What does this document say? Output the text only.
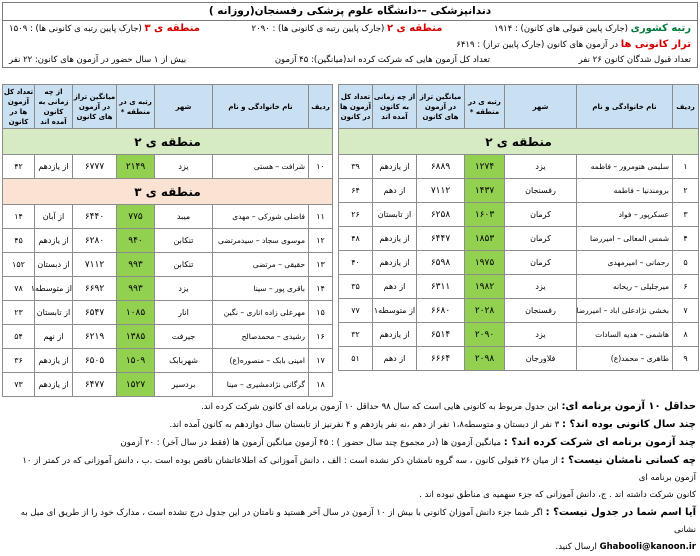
دندانپزشکی –-دانشگاه علوم پزشکی رفسنجان(روزانه )
رتبه کشوری (جارک پایین قبولی های کانون) : ۱۹۱۴
منطقه ی ۲ (جارک پایین رتبه ی کانونی ها) : ۲۰۹۰
منطقه ی ۳ (جارک پایین رتبه ی کانونی ها) : ۱۵۰۹
تراز کانونی ها در آزمون های کانون (جارک پایین تراز) : ۶۴۱۹
تعداد قبول شدگان کانون ۲۶ نفر
تعداد کل آزمون هایی که شرکت کرده اند(میانگین): ۴۵ آزمون
بیش از ۱ سال حضور در آزمون های کانون: ۲۲ نفر
ردیف	نام خانوادگی و نام	شهر	رتبه ی در منطقه *	میانگین تراز در آزمون های کانون	از چه زمانی به کانون آمده اند	تعداد کل آزمون ها در کانون
منطقه ی ۲						
۱	سلیمی هنومرور – فاطمه	یزد	۱۲۷۴	۶۸۸۹	از یازدهم	۳۹
۲	برومندنیا – فاطمه	رفسنجان	۱۴۳۷	۷۱۱۲	از دهم	۶۴
۳	عسکرپور – فواد	کرمان	۱۶۰۳	۶۲۵۸	از تابستان	۲۶
۴	شمس المعالی – امیررضا	کرمان	۱۸۵۳	۶۴۴۷	از یازدهم	۴۸
۵	رحمانی – امیرمهدی	کرمان	۱۹۷۵	۶۵۹۸	از یازدهم	۴۰
۶	میرجلیلی – ریحانه	یزد	۱۹۸۲	۶۳۱۱	از دهم	۳۵
۷	بخشی نژادعلی اباد – امیررضا	رفسنجان	۲۰۲۸	۶۶۸۰	از متوسطه۱	۷۷
۸	هاشمی – هدیه السادات	یزد	۲۰۹۰	۶۵۱۴	از یازدهم	۳۲
۹	طاهری – محمد(ع)	فلاورجان	۲۰۹۸	۶۶۶۴	از دهم	۵۱
ردیف	نام خانوادگی و نام	شهر	رتبه ی در منطقه *	میانگین تراز در آزمون های کانون	از چه زمانی به کانون آمده اند	تعداد کل آزمون ها در کانون
منطقه ی ۲						
۱۰	شرافت – هستی	یزد	۲۱۴۹	۶۷۷۷	از یازدهم	۴۲
منطقه ی ۳						
۱۱	فاضلی شورکی – مهدی	میبد	۷۷۵	۶۴۴۰	از آبان	۱۴
۱۲	موسوی سجاد – سیدمرتضی	تنکابن	۹۴۰	۶۲۸۰	از یازدهم	۴۵
۱۳	حقیقی – مرتضی	تنکابن	۹۹۳	۷۱۱۲	از دبستان	۱۵۲
۱۴	باقری پور – سینا	یزد	۹۹۳	۶۶۹۲	از متوسطه۱	۷۸
۱۵	مهرعلی زاده اناری – نگین	انار	۱۰۸۵	۶۵۴۷	از تابستان	۲۳
۱۶	رشیدی – محمدصالح	جیرفت	۱۳۸۵	۶۲۱۹	از نهم	۵۴
۱۷	امینی بابک – منصوره(ع)	شهربابک	۱۵۰۹	۶۵۰۵	از یازدهم	۳۶
۱۸	گرگانی نژادمشیری – مینا	بردسیر	۱۵۲۷	۶۴۷۷	از یازدهم	۷۳
حداقل ۱۰ آزمون برنامه ای: این جدول مربوط به کانونی هایی است که سال ۹۸ حداقل ۱۰ آزمون برنامه ای کانون شرکت کرده اند.
چند سال کانونی بوده اند؟ : ۳ نفر از دبستان و متوسطه۱،۸ نفر از دهم ،نه نفر یازدهم و ۴ نفرنیز از تابستان سال دوازدهم به کانون آمده اند.
چند آزمون برنامه ای شرکت کرده اند؟ : میانگین آزمون ها (در مجموع چند سال حضور ) : ۴۵ آزمون میانگین آزمون ها (فقط در سال آخر) : ۲۰ آزمون
چه کسانی نامشان نیست؟ : از میان ۲۶ قبولی کانون ، سه گروه نامشان ذکر نشده است : الف ، دانش آموزانی که اطلاعاتشان ناقص بوده است .ب ، دانش آموزانی که در کمتر از ۱۰ آزمون برنامه ای
کانون شرکت داشته اند . ج، دانش آموزانی که جزء سهمیه ی مناطق نبوده اند .
آیا اسم شما در جدول نیست؟ : اگر شما جزء دانش آموزان کانونی با بیش از ۱۰ آزمون در سال آخر هستید و نامتان در این جدول درج نشده است ، مدارک خود را از طریق ای میل به نشانی
Ghabooli@kanoon.ir ارسال کنید.
